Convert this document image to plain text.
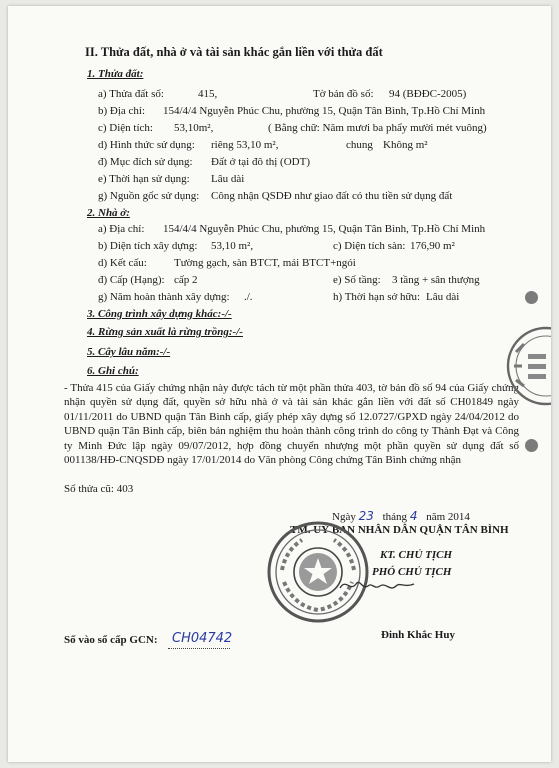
II. Thửa đất, nhà ở và tài sản khác gắn liền với thửa đất
1. Thửa đất:
a) Thửa đất số:	415,	Tờ bản đồ số: 94 (BĐĐC-2005)
b) Địa chỉ: 154/4/4 Nguyễn Phúc Chu, phường 15, Quận Tân Bình, Tp.Hồ Chí Minh
c) Diện tích: 53,10m²,	( Bằng chữ: Năm mươi ba phẩy mười mét vuông)
d) Hình thức sử dụng: riêng 53,10 m²,	chung Không m²
đ) Mục đích sử dụng: Đất ở tại đô thị (ODT)
e) Thời hạn sử dụng: Lâu dài
g) Nguồn gốc sử dụng: Công nhận QSDĐ như giao đất có thu tiền sử dụng đất
2. Nhà ở:
a) Địa chỉ: 154/4/4 Nguyễn Phúc Chu, phường 15, Quận Tân Bình, Tp.Hồ Chí Minh
b) Diện tích xây dựng: 53,10 m²,	c) Diện tích sàn: 176,90 m²
d) Kết cấu: Tường gạch, sàn BTCT, mái BTCT+ngói
đ) Cấp (Hạng): cấp 2	e) Số tầng: 3 tầng + sân thượng
g) Năm hoàn thành xây dựng: ./.	h) Thời hạn sở hữu: Lâu dài
3. Công trình xây dựng khác:-/-
4. Rừng sản xuất là rừng trồng:-/-
5. Cây lâu năm:-/-
6. Ghi chú:
- Thửa 415 của Giấy chứng nhận này được tách từ một phần thửa 403, tờ bản đồ số 94 của Giấy chứng nhận quyền sử dụng đất, quyền sở hữu nhà ở và tài sản khác gắn liền với đất số CH01849 ngày 01/11/2011 do UBND quận Tân Bình cấp, giấy phép xây dựng số 12.0727/GPXD ngày 24/04/2012 do UBND quận Tân Bình cấp, biên bản nghiệm thu hoàn thành công trình do công ty Thành Đạt và Công ty Minh Đức lập ngày 09/07/2012, hợp đồng chuyển nhượng một phần quyền sử dụng đất số 001138/HĐ-CNQSDĐ ngày 17/01/2014 do Văn phòng Công chứng Tân Bình chứng nhận
Số thửa cũ: 403
Ngày 23 tháng 4 năm 2014
TM. UỶ BAN NHÂN DÂN QUẬN TÂN BÌNH
KT. CHỦ TỊCH
PHÓ CHỦ TỊCH
Đinh Khắc Huy
Số vào sổ cấp GCN: CH04742
